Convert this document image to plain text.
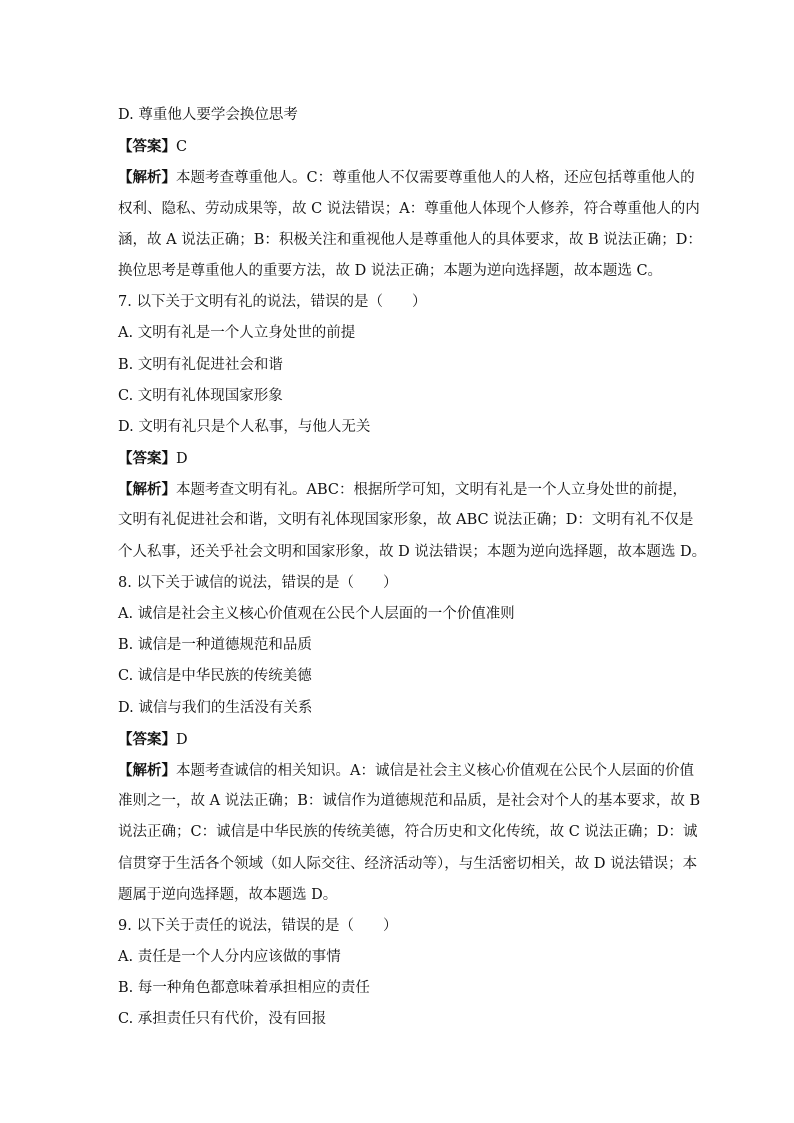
D. 尊重他人要学会换位思考
【答案】C
【解析】本题考查尊重他人。C：尊重他人不仅需要尊重他人的人格，还应包括尊重他人的
权利、隐私、劳动成果等，故 C 说法错误；A：尊重他人体现个人修养，符合尊重他人的内
涵，故 A 说法正确；B：积极关注和重视他人是尊重他人的具体要求，故 B 说法正确；D：
换位思考是尊重他人的重要方法，故 D 说法正确；本题为逆向选择题，故本题选 C。
7. 以下关于文明有礼的说法，错误的是（　　）
A. 文明有礼是一个人立身处世的前提
B. 文明有礼促进社会和谐
C. 文明有礼体现国家形象
D. 文明有礼只是个人私事，与他人无关
【答案】D
【解析】本题考查文明有礼。ABC：根据所学可知，文明有礼是一个人立身处世的前提，
文明有礼促进社会和谐，文明有礼体现国家形象，故 ABC 说法正确；D：文明有礼不仅是
个人私事，还关乎社会文明和国家形象，故 D 说法错误；本题为逆向选择题，故本题选 D。
8. 以下关于诚信的说法，错误的是（　　）
A. 诚信是社会主义核心价值观在公民个人层面的一个价值准则
B. 诚信是一种道德规范和品质
C. 诚信是中华民族的传统美德
D. 诚信与我们的生活没有关系
【答案】D
【解析】本题考查诚信的相关知识。A：诚信是社会主义核心价值观在公民个人层面的价值
准则之一，故 A 说法正确；B：诚信作为道德规范和品质，是社会对个人的基本要求，故 B
说法正确；C：诚信是中华民族的传统美德，符合历史和文化传统，故 C 说法正确；D：诚
信贯穿于生活各个领域（如人际交往、经济活动等），与生活密切相关，故 D 说法错误；本
题属于逆向选择题，故本题选 D。
9. 以下关于责任的说法，错误的是（　　）
A. 责任是一个人分内应该做的事情
B. 每一种角色都意味着承担相应的责任
C. 承担责任只有代价，没有回报
